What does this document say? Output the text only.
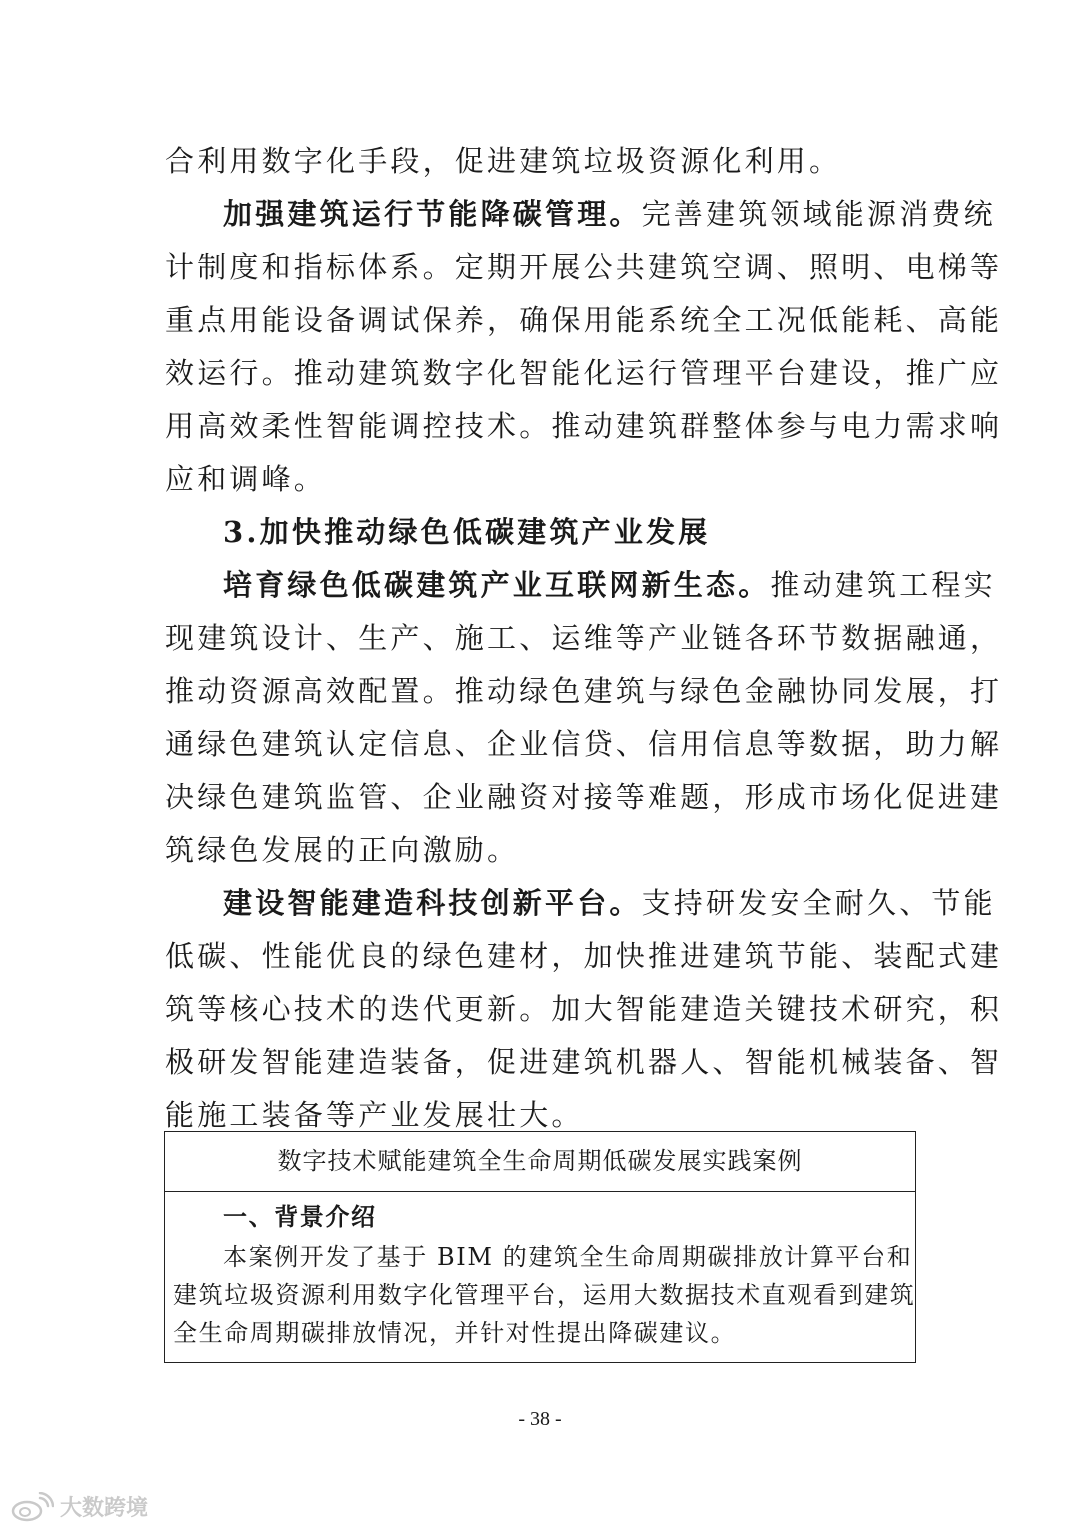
合利用数字化手段，促进建筑垃圾资源化利用。
加强建筑运行节能降碳管理。完善建筑领域能源消费统
计制度和指标体系。定期开展公共建筑空调、照明、电梯等
重点用能设备调试保养，确保用能系统全工况低能耗、高能
效运行。推动建筑数字化智能化运行管理平台建设，推广应
用高效柔性智能调控技术。推动建筑群整体参与电力需求响
应和调峰。
3.加快推动绿色低碳建筑产业发展
培育绿色低碳建筑产业互联网新生态。推动建筑工程实
现建筑设计、生产、施工、运维等产业链各环节数据融通，
推动资源高效配置。推动绿色建筑与绿色金融协同发展，打
通绿色建筑认定信息、企业信贷、信用信息等数据，助力解
决绿色建筑监管、企业融资对接等难题，形成市场化促进建
筑绿色发展的正向激励。
建设智能建造科技创新平台。支持研发安全耐久、节能
低碳、性能优良的绿色建材，加快推进建筑节能、装配式建
筑等核心技术的迭代更新。加大智能建造关键技术研究，积
极研发智能建造装备，促进建筑机器人、智能机械装备、智
能施工装备等产业发展壮大。
数字技术赋能建筑全生命周期低碳发展实践案例
一、背景介绍
本案例开发了基于 BIM 的建筑全生命周期碳排放计算平台和
建筑垃圾资源利用数字化管理平台，运用大数据技术直观看到建筑
全生命周期碳排放情况，并针对性提出降碳建议。
- 38 -
大数跨境
